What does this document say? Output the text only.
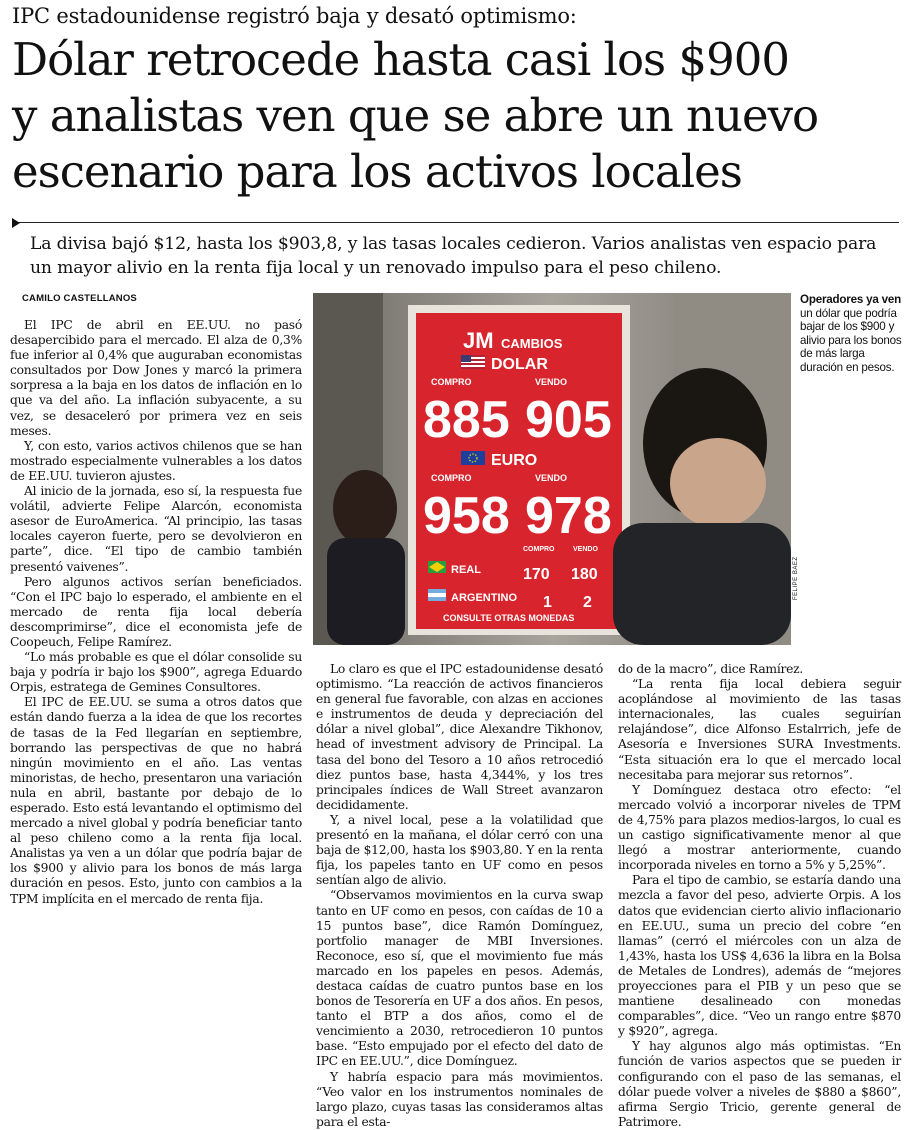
IPC estadounidense registró baja y desató optimismo:
Dólar retrocede hasta casi los $900
y analistas ven que se abre un nuevo
escenario para los activos locales
La divisa bajó $12, hasta los $903,8, y las tasas locales cedieron. Varios analistas ven espacio para un mayor alivio en la renta fija local y un renovado impulso para el peso chileno.
CAMILO CASTELLANOS

El IPC de abril en EE.UU. no pasó desapercibido para el mercado. El alza de 0,3% fue inferior al 0,4% que auguraban economistas consultados por Dow Jones y marcó la primera sorpresa a la baja en los datos de inflación en lo que va del año. La inflación subyacente, a su vez, se desaceleró por primera vez en seis meses.

Y, con esto, varios activos chilenos que se han mostrado especialmente vulnerables a los datos de EE.UU. tuvieron ajustes.

Al inicio de la jornada, eso sí, la respuesta fue volátil, advierte Felipe Alarcón, economista asesor de EuroAmerica. “Al principio, las tasas locales cayeron fuerte, pero se devolvieron en parte”, dice. “El tipo de cambio también presentó vaivenes”.

Pero algunos activos serían beneficiados. “Con el IPC bajo lo esperado, el ambiente en el mercado de renta fija local debería descomprimirse”, dice el economista jefe de Coopeuch, Felipe Ramírez.

“Lo más probable es que el dólar consolide su baja y podría ir bajo los $900”, agrega Eduardo Orpis, estratega de Gemines Consultores.

El IPC de EE.UU. se suma a otros datos que están dando fuerza a la idea de que los recortes de tasas de la Fed llegarían en septiembre, borrando las perspectivas de que no habrá ningún movimiento en el año. Las ventas minoristas, de hecho, presentaron una variación nula en abril, bastante por debajo de lo esperado. Esto está levantando el optimismo del mercado a nivel global y podría beneficiar tanto al peso chileno como a la renta fija local. Analistas ya ven a un dólar que podría bajar de los $900 y alivio para los bonos de más larga duración en pesos. Esto, junto con cambios a la TPM implícita en el mercado de renta fija.

JM CAMBIOS
DOLAR
COMPRO	VENDO
885 905
EURO
COMPRO	VENDO
958 978
COMPRO	VENDO
REAL	170 180
ARGENTINO 1 2
CONSULTE OTRAS MONEDAS
FELIPE BAEZ
Operadores ya ven
un dólar que podría bajar de los $900 y alivio para los bonos de más larga duración en pesos.

Lo claro es que el IPC estadounidense desató optimismo. “La reacción de activos financieros en general fue favorable, con alzas en acciones e instrumentos de deuda y depreciación del dólar a nivel global”, dice Alexandre Tikhonov, head of investment advisory de Principal. La tasa del bono del Tesoro a 10 años retrocedió diez puntos base, hasta 4,344%, y los tres principales índices de Wall Street avanzaron decididamente.

Y, a nivel local, pese a la volatilidad que presentó en la mañana, el dólar cerró con una baja de $12,00, hasta los $903,80. Y en la renta fija, los papeles tanto en UF como en pesos sentían algo de alivio.

“Observamos movimientos en la curva swap tanto en UF como en pesos, con caídas de 10 a 15 puntos base”, dice Ramón Domínguez, portfolio manager de MBI Inversiones. Reconoce, eso sí, que el movimiento fue más marcado en los papeles en pesos. Además, destaca caídas de cuatro puntos base en los bonos de Tesorería en UF a dos años. En pesos, tanto el BTP a dos años, como el de vencimiento a 2030, retrocedieron 10 puntos base. “Esto empujado por el efecto del dato de IPC en EE.UU.”, dice Domínguez.

Y habría espacio para más movimientos. “Veo valor en los instrumentos nominales de largo plazo, cuyas tasas las consideramos altas para el esta-

do de la macro”, dice Ramírez.

“La renta fija local debiera seguir acoplándose al movimiento de las tasas internacionales, las cuales seguirían relajándose”, dice Alfonso Estalrrich, jefe de Asesoría e Inversiones SURA Investments. “Esta situación era lo que el mercado local necesitaba para mejorar sus retornos”.

Y Domínguez destaca otro efecto: “el mercado volvió a incorporar niveles de TPM de 4,75% para plazos medios-largos, lo cual es un castigo significativamente menor al que llegó a mostrar anteriormente, cuando incorporada niveles en torno a 5% y 5,25%”.

Para el tipo de cambio, se estaría dando una mezcla a favor del peso, advierte Orpis. A los datos que evidencian cierto alivio inflacionario en EE.UU., suma un precio del cobre “en llamas” (cerró el miércoles con un alza de 1,43%, hasta los US$ 4,636 la libra en la Bolsa de Metales de Londres), además de “mejores proyecciones para el PIB y un peso que se mantiene desalineado con monedas comparables”, dice. “Veo un rango entre $870 y $920”, agrega.

Y hay algunos algo más optimistas. “En función de varios aspectos que se pueden ir configurando con el paso de las semanas, el dólar puede volver a niveles de $880 a $860”, afirma Sergio Tricio, gerente general de Patrimore.
